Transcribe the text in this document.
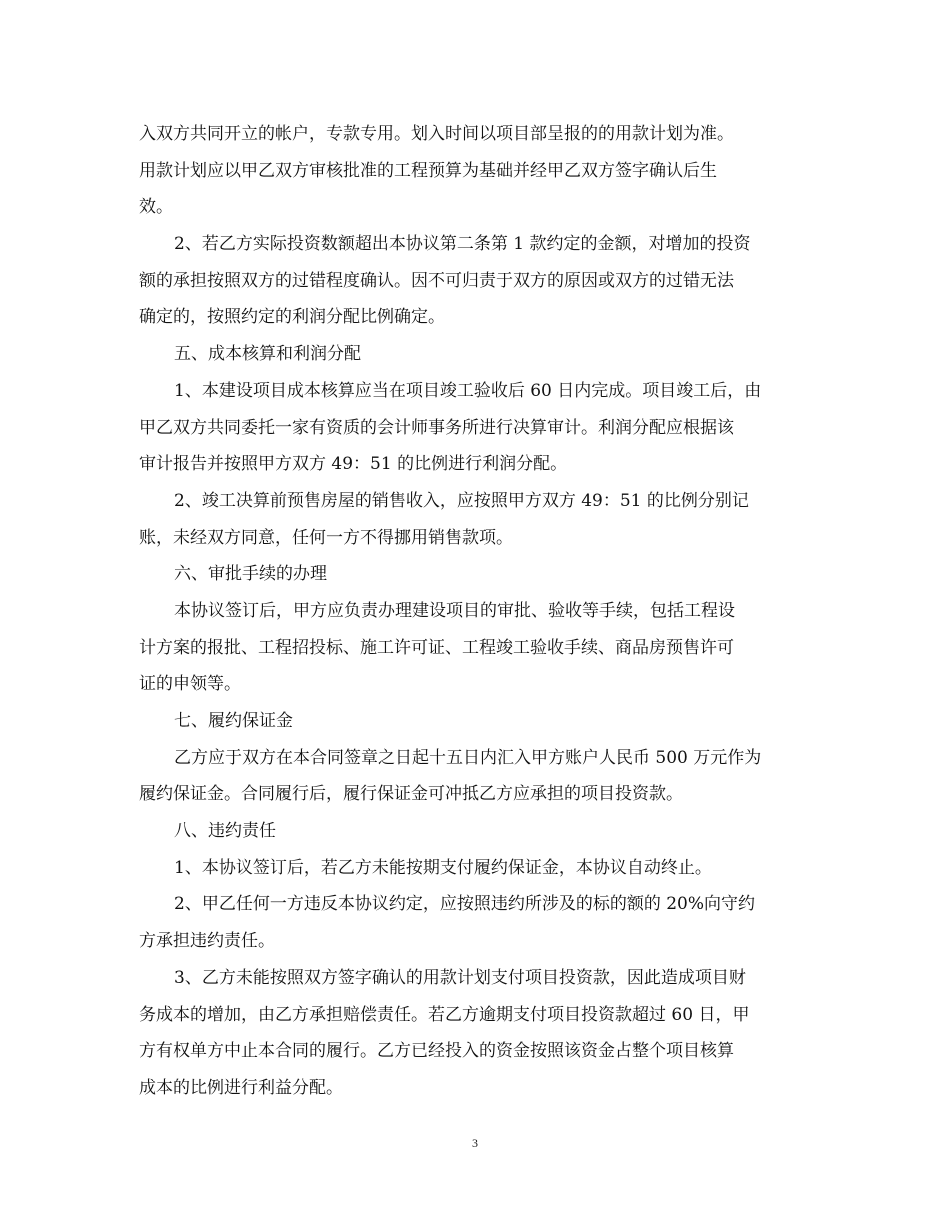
入双方共同开立的帐户，专款专用。划入时间以项目部呈报的的用款计划为准。
用款计划应以甲乙双方审核批准的工程预算为基础并经甲乙双方签字确认后生
效。
2、若乙方实际投资数额超出本协议第二条第 1 款约定的金额，对增加的投资
额的承担按照双方的过错程度确认。因不可归责于双方的原因或双方的过错无法
确定的，按照约定的利润分配比例确定。
五、成本核算和利润分配
1、本建设项目成本核算应当在项目竣工验收后 60 日内完成。项目竣工后，由
甲乙双方共同委托一家有资质的会计师事务所进行决算审计。利润分配应根据该
审计报告并按照甲方双方 49：51 的比例进行利润分配。
2、竣工决算前预售房屋的销售收入，应按照甲方双方 49：51 的比例分别记
账，未经双方同意，任何一方不得挪用销售款项。
六、审批手续的办理
本协议签订后，甲方应负责办理建设项目的审批、验收等手续，包括工程设
计方案的报批、工程招投标、施工许可证、工程竣工验收手续、商品房预售许可
证的申领等。
七、履约保证金
乙方应于双方在本合同签章之日起十五日内汇入甲方账户人民币 500 万元作为
履约保证金。合同履行后，履行保证金可冲抵乙方应承担的项目投资款。
八、违约责任
1、本协议签订后，若乙方未能按期支付履约保证金，本协议自动终止。
2、甲乙任何一方违反本协议约定，应按照违约所涉及的标的额的 20%向守约
方承担违约责任。
3、乙方未能按照双方签字确认的用款计划支付项目投资款，因此造成项目财
务成本的增加，由乙方承担赔偿责任。若乙方逾期支付项目投资款超过 60 日，甲
方有权单方中止本合同的履行。乙方已经投入的资金按照该资金占整个项目核算
成本的比例进行利益分配。
3
